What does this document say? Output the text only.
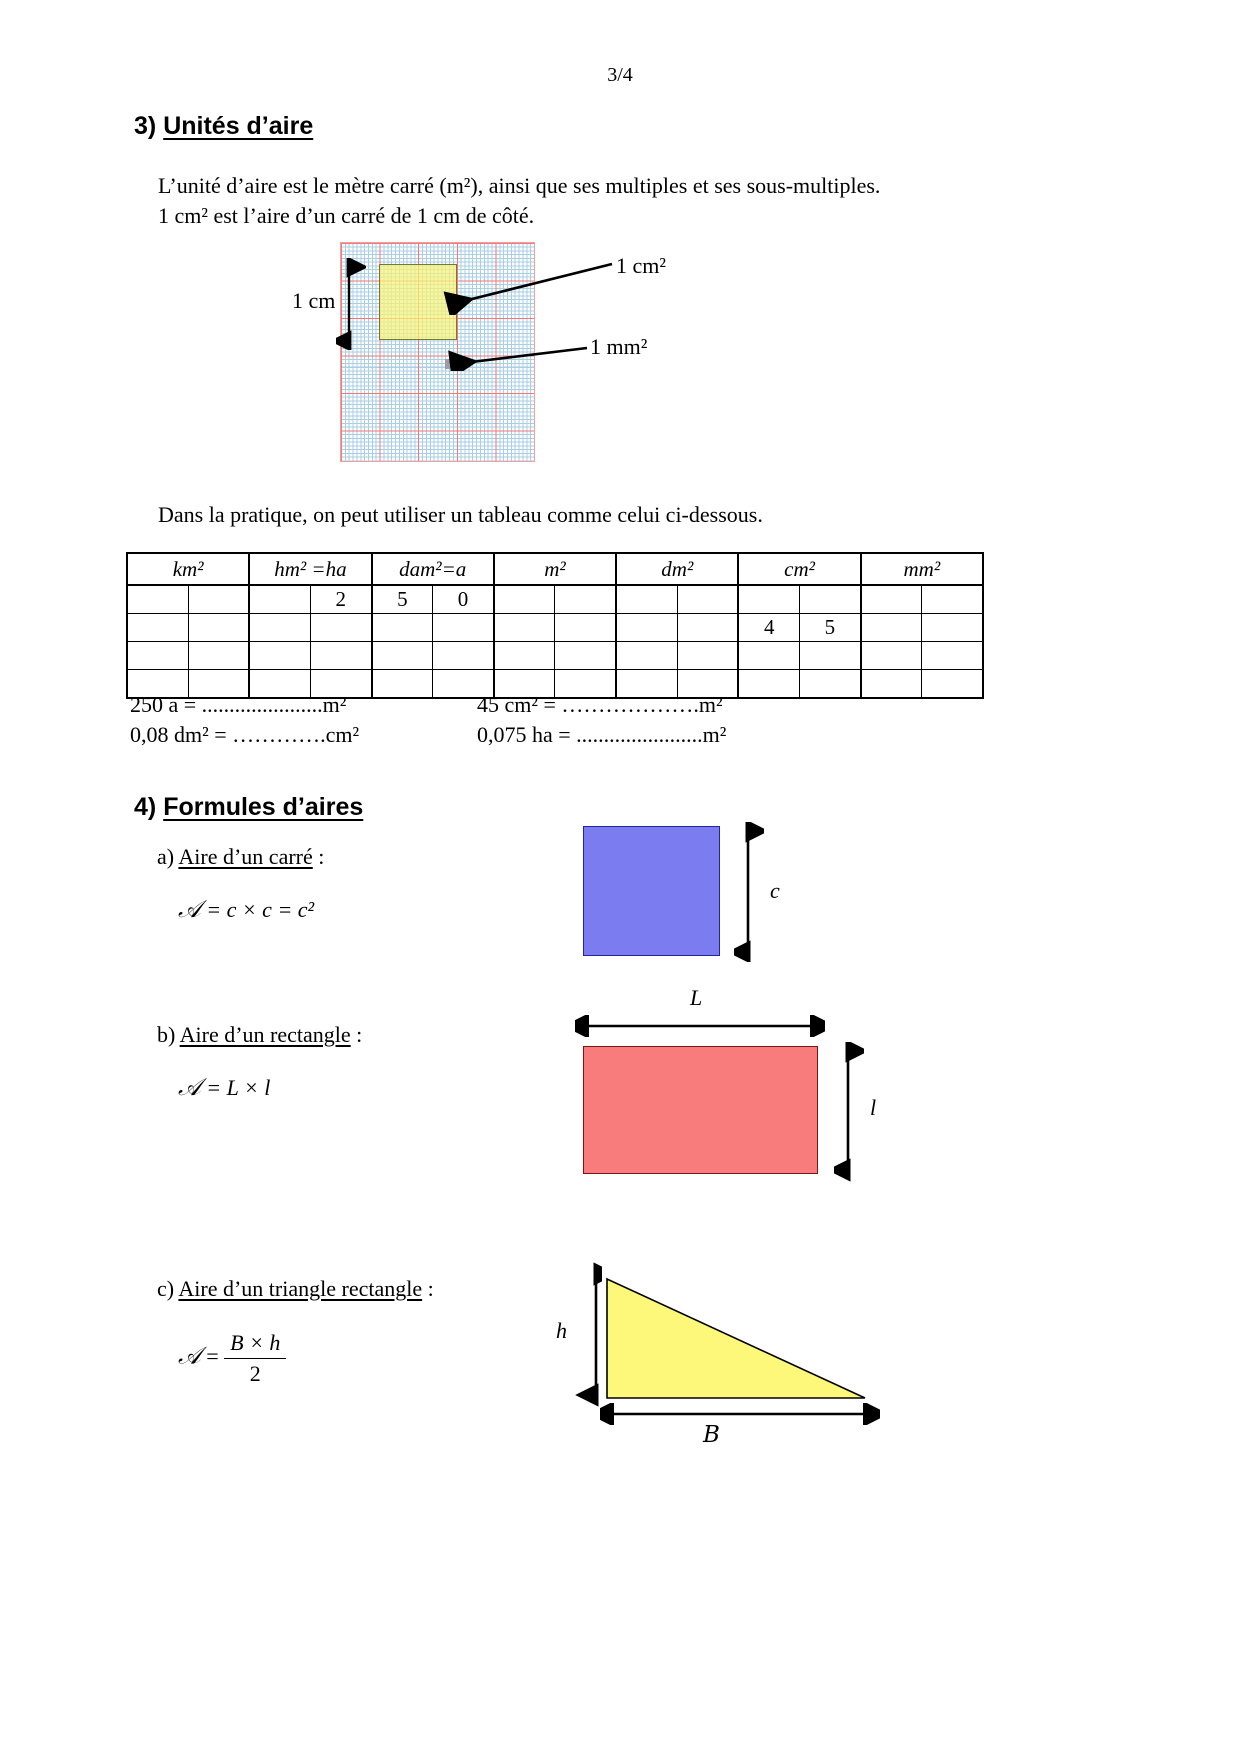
3/4
3) Unités d’aire
L’unité d’aire est le mètre carré (m²), ainsi que ses multiples et ses sous-multiples.
1 cm² est l’aire d’un carré de 1 cm de côté.
1 cm
1 cm²
1 mm²
Dans la pratique, on peut utiliser un tableau comme celui ci-dessous.
km²		hm² =ha		dam²=a		m²		dm²		cm²		mm²	
			2	5	0								
										4	5		

250 a = ......................m²
0,08 dm² = ………….cm²
45 cm² = ……………….m²
0,075 ha = .......................m²
4) Formules d’aires
a) Aire d’un carré :
𝒜 = c × c = c²
c
b) Aire d’un rectangle :
𝒜 = L × l
L
l
c) Aire d’un triangle rectangle :
𝒜 = $\frac{B \times h}{2}$	h
B
